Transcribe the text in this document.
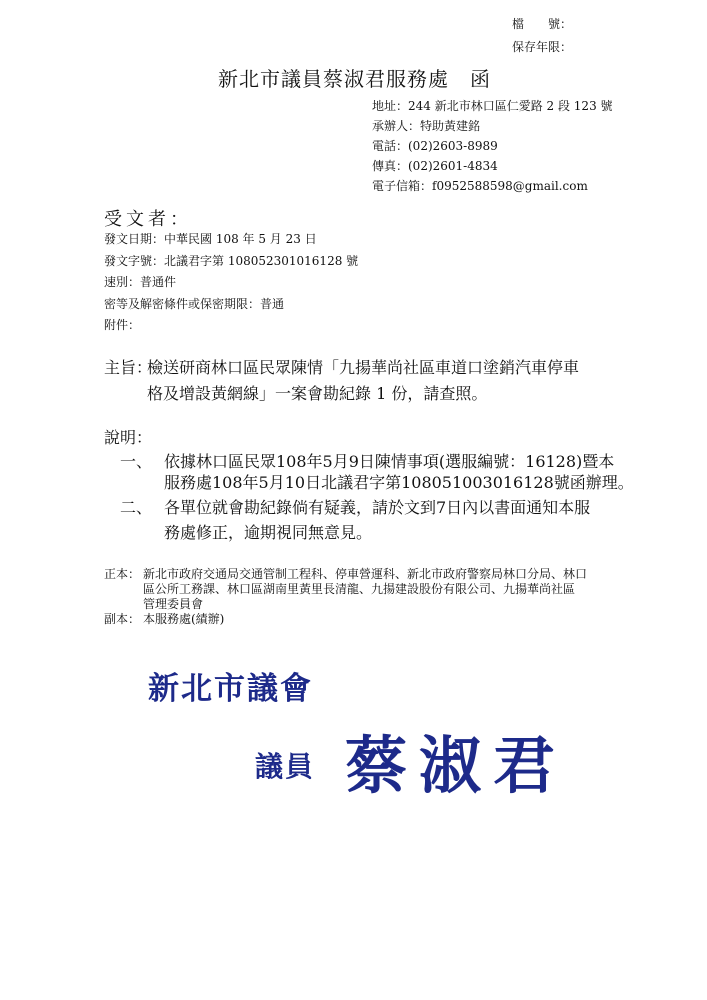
檔　　號：
保存年限：
新北市議員蔡淑君服務處　函
地址：244 新北市林口區仁愛路 2 段 123 號
承辦人：特助黃建銘
電話：(02)2603-8989
傳真：(02)2601-4834
電子信箱：f0952588598@gmail.com
受文者：
發文日期：中華民國 108 年 5 月 23 日
發文字號：北議君字第 108052301016128 號
速別：普通件
密等及解密條件或保密期限：普通
附件：
主旨：
檢送研商林口區民眾陳情「九揚華尚社區車道口塗銷汽車停車
格及增設黃網線」一案會勘紀錄 1 份，請查照。
說明：
一、 依據林口區民眾108年5月9日陳情事項(選服編號：16128)暨本
服務處108年5月10日北議君字第108051003016128號函辦理。
二、 各單位就會勘紀錄倘有疑義，請於文到7日內以書面通知本服
務處修正，逾期視同無意見。
正本： 新北市政府交通局交通管制工程科、停車營運科、新北市政府警察局林口分局、林口
區公所工務課、林口區湖南里黃里長清龍、九揚建設股份有限公司、九揚華尚社區
管理委員會
副本： 本服務處(績辦)
新北市議會
議員 蔡淑君
